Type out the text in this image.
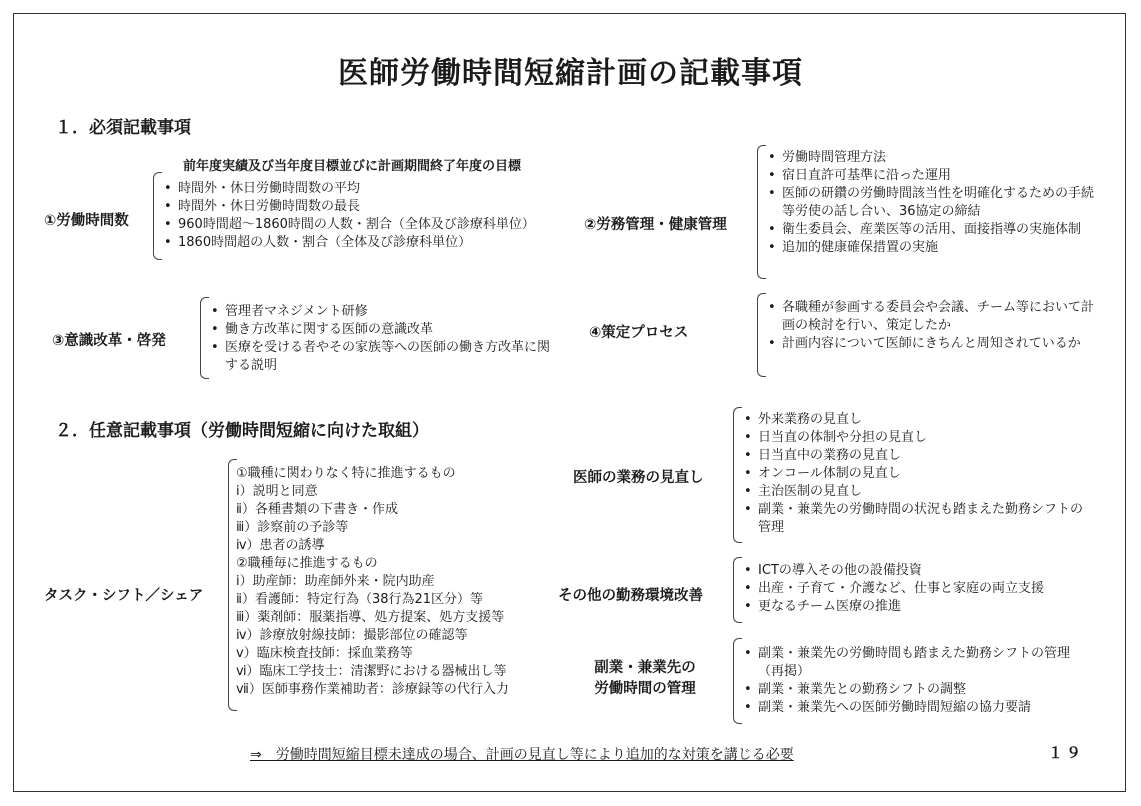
医師労働時間短縮計画の記載事項
１．必須記載事項
①労働時間数
前年度実績及び当年度目標並びに計画期間終了年度の目標
• 時間外・休日労働時間数の平均
• 時間外・休日労働時間数の最長
• 960時間超～1860時間の人数・割合（全体及び診療科単位）
• 1860時間超の人数・割合（全体及び診療科単位）
②労務管理・健康管理
• 労働時間管理方法
• 宿日直許可基準に沿った運用
• 医師の研鑽の労働時間該当性を明確化するための手続等労使の話し合い、36協定の締結
• 衛生委員会、産業医等の活用、面接指導の実施体制
• 追加的健康確保措置の実施
③意識改革・啓発
• 管理者マネジメント研修
• 働き方改革に関する医師の意識改革
• 医療を受ける者やその家族等への医師の働き方改革に関する説明
④策定プロセス
• 各職種が参画する委員会や会議、チーム等において計画の検討を行い、策定したか
• 計画内容について医師にきちんと周知されているか
２．任意記載事項（労働時間短縮に向けた取組）
タスク・シフト／シェア
①職種に関わりなく特に推進するもの
ⅰ）説明と同意
ⅱ）各種書類の下書き・作成
ⅲ）診察前の予診等
ⅳ）患者の誘導
②職種毎に推進するもの
ⅰ）助産師：助産師外来・院内助産
ⅱ）看護師：特定行為（38行為21区分）等
ⅲ）薬剤師：服薬指導、処方提案、処方支援等
ⅳ）診療放射線技師：撮影部位の確認等
ⅴ）臨床検査技師：採血業務等
ⅵ）臨床工学技士：清潔野における器械出し等
ⅶ）医師事務作業補助者：診療録等の代行入力
医師の業務の見直し
• 外来業務の見直し
• 日当直の体制や分担の見直し
• 日当直中の業務の見直し
• オンコール体制の見直し
• 主治医制の見直し
• 副業・兼業先の労働時間の状況も踏まえた勤務シフトの管理
その他の勤務環境改善
• ICTの導入その他の設備投資
• 出産・子育て・介護など、仕事と家庭の両立支援
• 更なるチーム医療の推進
副業・兼業先の
労働時間の管理
• 副業・兼業先の労働時間も踏まえた勤務シフトの管理（再掲）
• 副業・兼業先との勤務シフトの調整
• 副業・兼業先への医師労働時間短縮の協力要請
⇒　労働時間短縮目標未達成の場合、計画の見直し等により追加的な対策を講じる必要	１９
